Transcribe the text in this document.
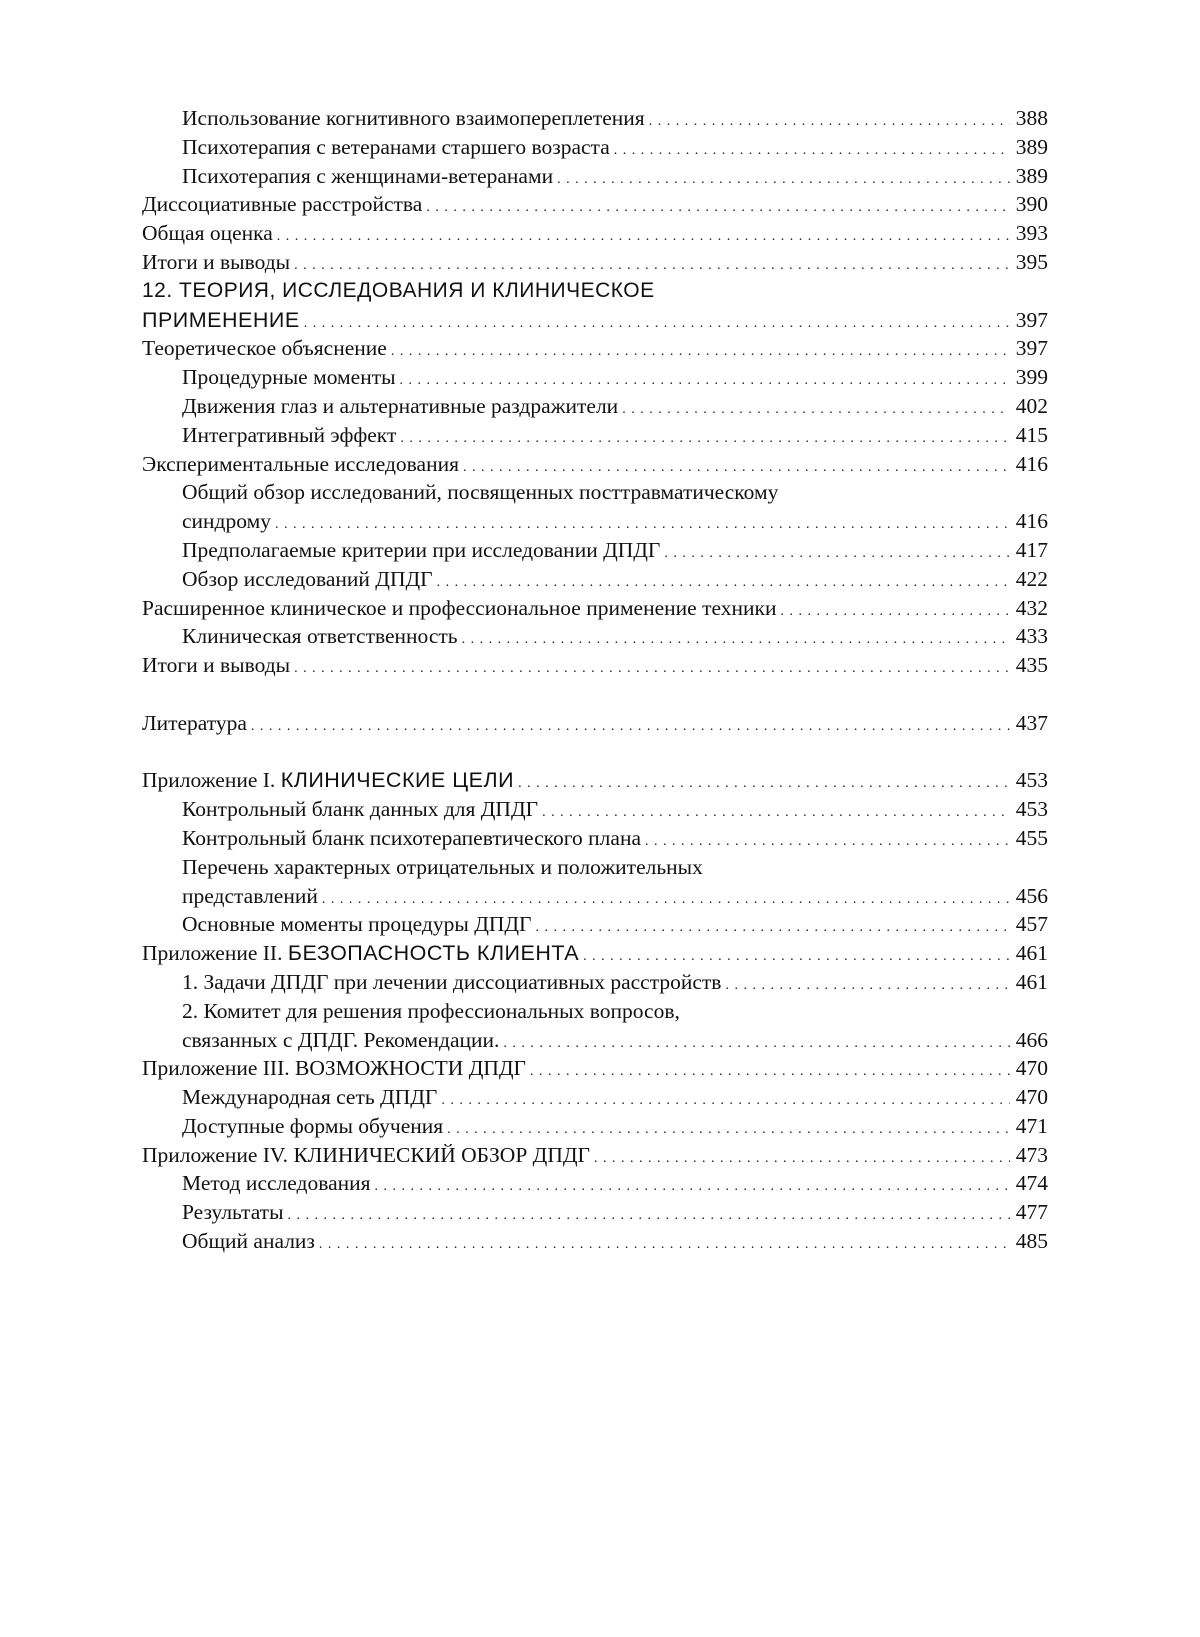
Использование когнитивного взаимопереплетения . . .	388
Психотерапия с ветеранами старшего возраста . . .	389
Психотерапия с женщинами-ветеранами . . .	389
Диссоциативные расстройства . . .	390
Общая оценка . . .	393
Итоги и выводы . . .	395
12. ТЕОРИЯ, ИССЛЕДОВАНИЯ И КЛИНИЧЕСКОЕ
ПРИМЕНЕНИЕ . . .	397
Теоретическое объяснение . . .	397
Процедурные моменты . . .	399
Движения глаз и альтернативные раздражители . . .	402
Интегративный эффект . . .	415
Экспериментальные исследования . . .	416
Общий обзор исследований, посвященных посттравматическому
синдрому . . .	416
Предполагаемые критерии при исследовании ДПДГ . . .	417
Обзор исследований ДПДГ . . .	422
Расширенное клиническое и профессиональное применение техники . . .	432
Клиническая ответственность . . .	433
Итоги и выводы . . .	435
Литература . . .	437
Приложение I. КЛИНИЧЕСКИЕ ЦЕЛИ . . .	453
Контрольный бланк данных для ДПДГ . . .	453
Контрольный бланк психотерапевтического плана . . .	455
Перечень характерных отрицательных и положительных
представлений . . .	456
Основные моменты процедуры ДПДГ . . .	457
Приложение II. БЕЗОПАСНОСТЬ КЛИЕНТА . . .	461
1. Задачи ДПДГ при лечении диссоциативных расстройств . . .	461
2. Комитет для решения профессиональных вопросов,
связанных с ДПДГ. Рекомендации. . . .	466
Приложение III. ВОЗМОЖНОСТИ ДПДГ . . .	470
Международная сеть ДПДГ . . .	470
Доступные формы обучения . . .	471
Приложение IV. КЛИНИЧЕСКИЙ ОБЗОР ДПДГ . . .	473
Метод исследования . . .	474
Результаты . . .	477
Общий анализ . . .	485
